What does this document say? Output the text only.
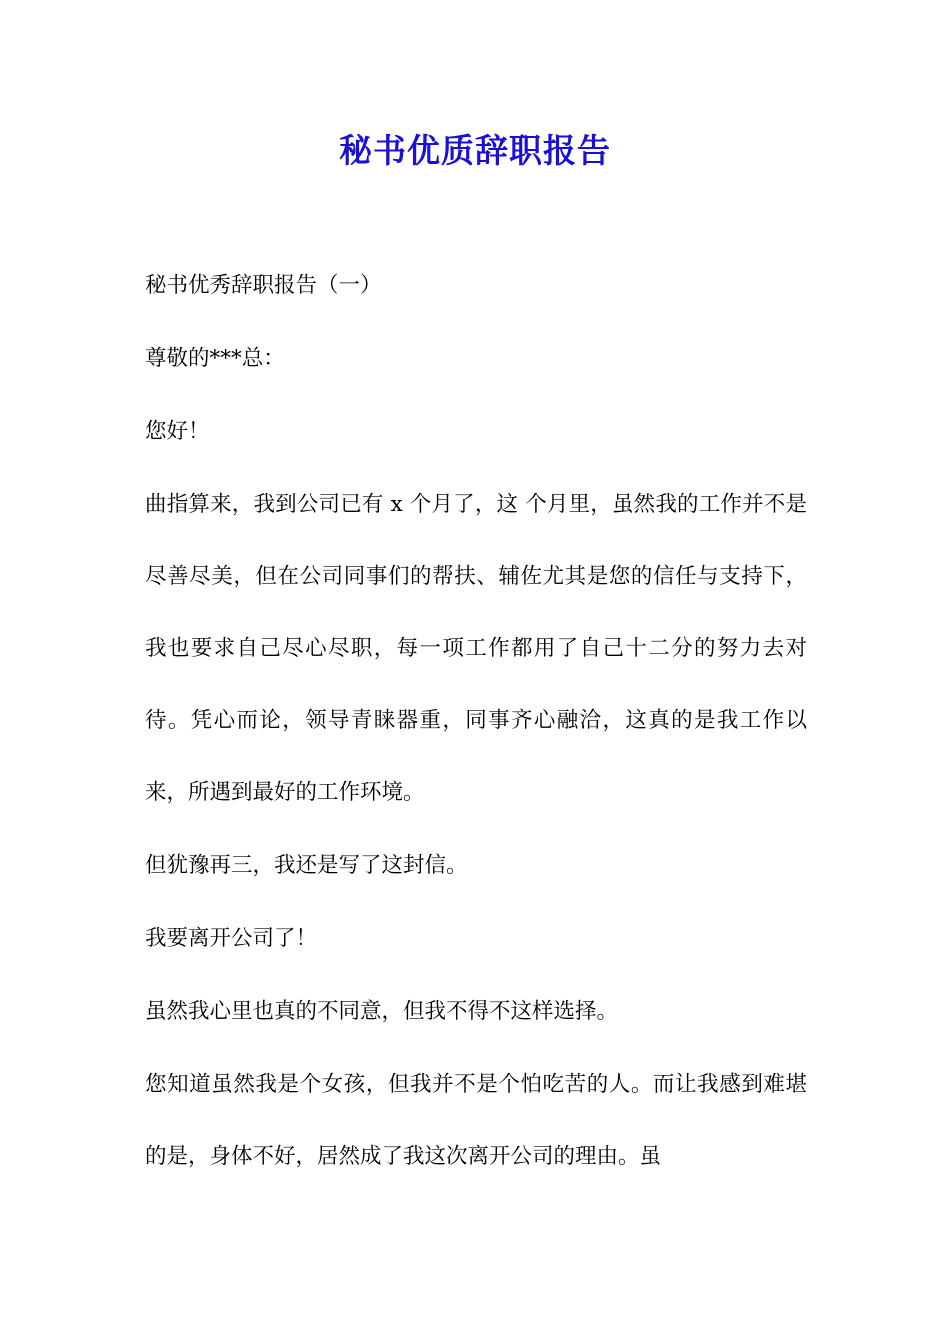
秘书优质辞职报告

秘书优秀辞职报告（一）

尊敬的***总：

您好！

曲指算来，我到公司已有 x 个月了，这 个月里，虽然我的工作并不是尽善尽美，但在公司同事们的帮扶、辅佐尤其是您的信任与支持下，我也要求自己尽心尽职，每一项工作都用了自己十二分的努力去对待。凭心而论，领导青睐器重，同事齐心融洽，这真的是我工作以来，所遇到最好的工作环境。

但犹豫再三，我还是写了这封信。

我要离开公司了！

虽然我心里也真的不同意，但我不得不这样选择。

您知道虽然我是个女孩，但我并不是个怕吃苦的人。而让我感到难堪的是，身体不好，居然成了我这次离开公司的理由。虽
